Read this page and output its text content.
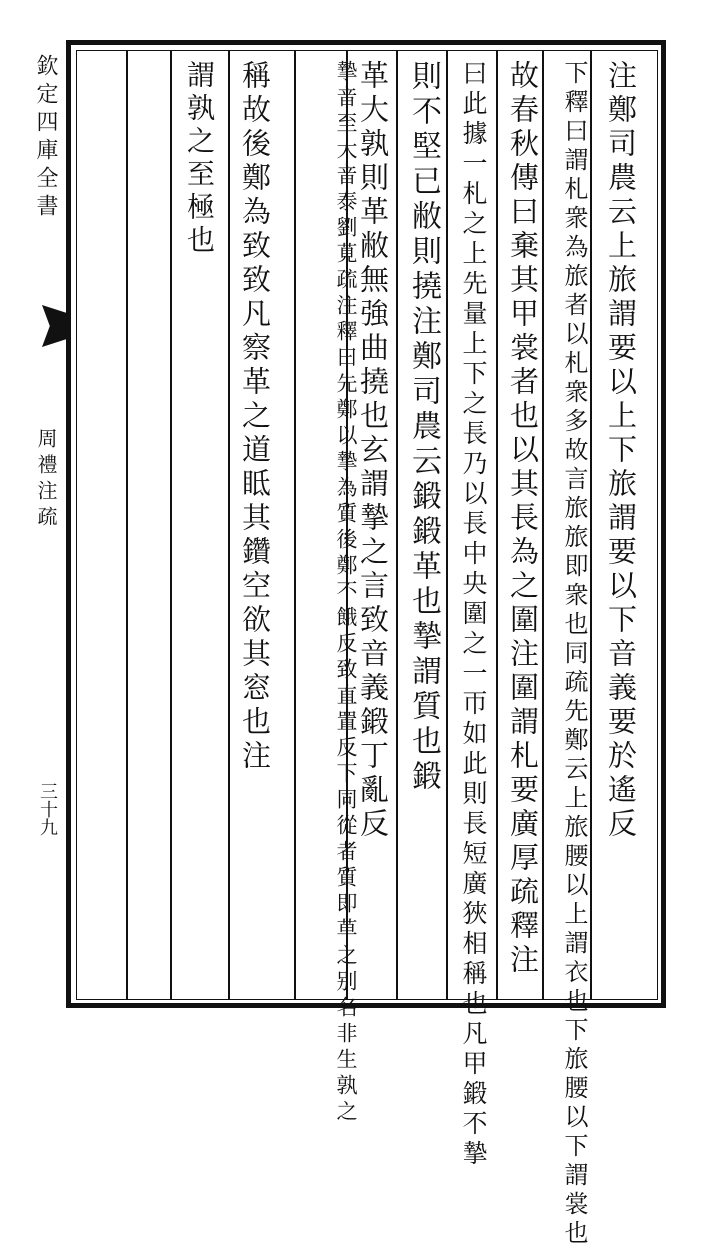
欽定四庫全書
周禮注疏
三十九	注鄭司農云上旅謂要以上下旅謂要以下音義要於遙反
下釋曰謂札衆為旅者以札衆多故言旅旅即衆也同疏先鄭云上旅腰以上謂衣也下旅腰以下謂裳也
故春秋傳曰棄其甲裳者也以其長為之圍注圍謂札要廣厚疏釋注
曰此據一札之上先量上下之長乃以長中央圍之一帀如此則長短廣狹相稱也凡甲鍛不摯
則不堅已敝則撓注鄭司農云鍛鍛革也摯謂質也鍛
革大孰則革敝無強曲撓也玄謂摯之言致音義鍛丁亂反
摯音至大音泰劉莧疏注釋曰先鄭以摯為質後鄭不餓反致直置反下同從者質即草之别名非生孰之
稱故後鄭為致致凡察革之道眡其鑽空欲其窓也注
謂孰之至極也
